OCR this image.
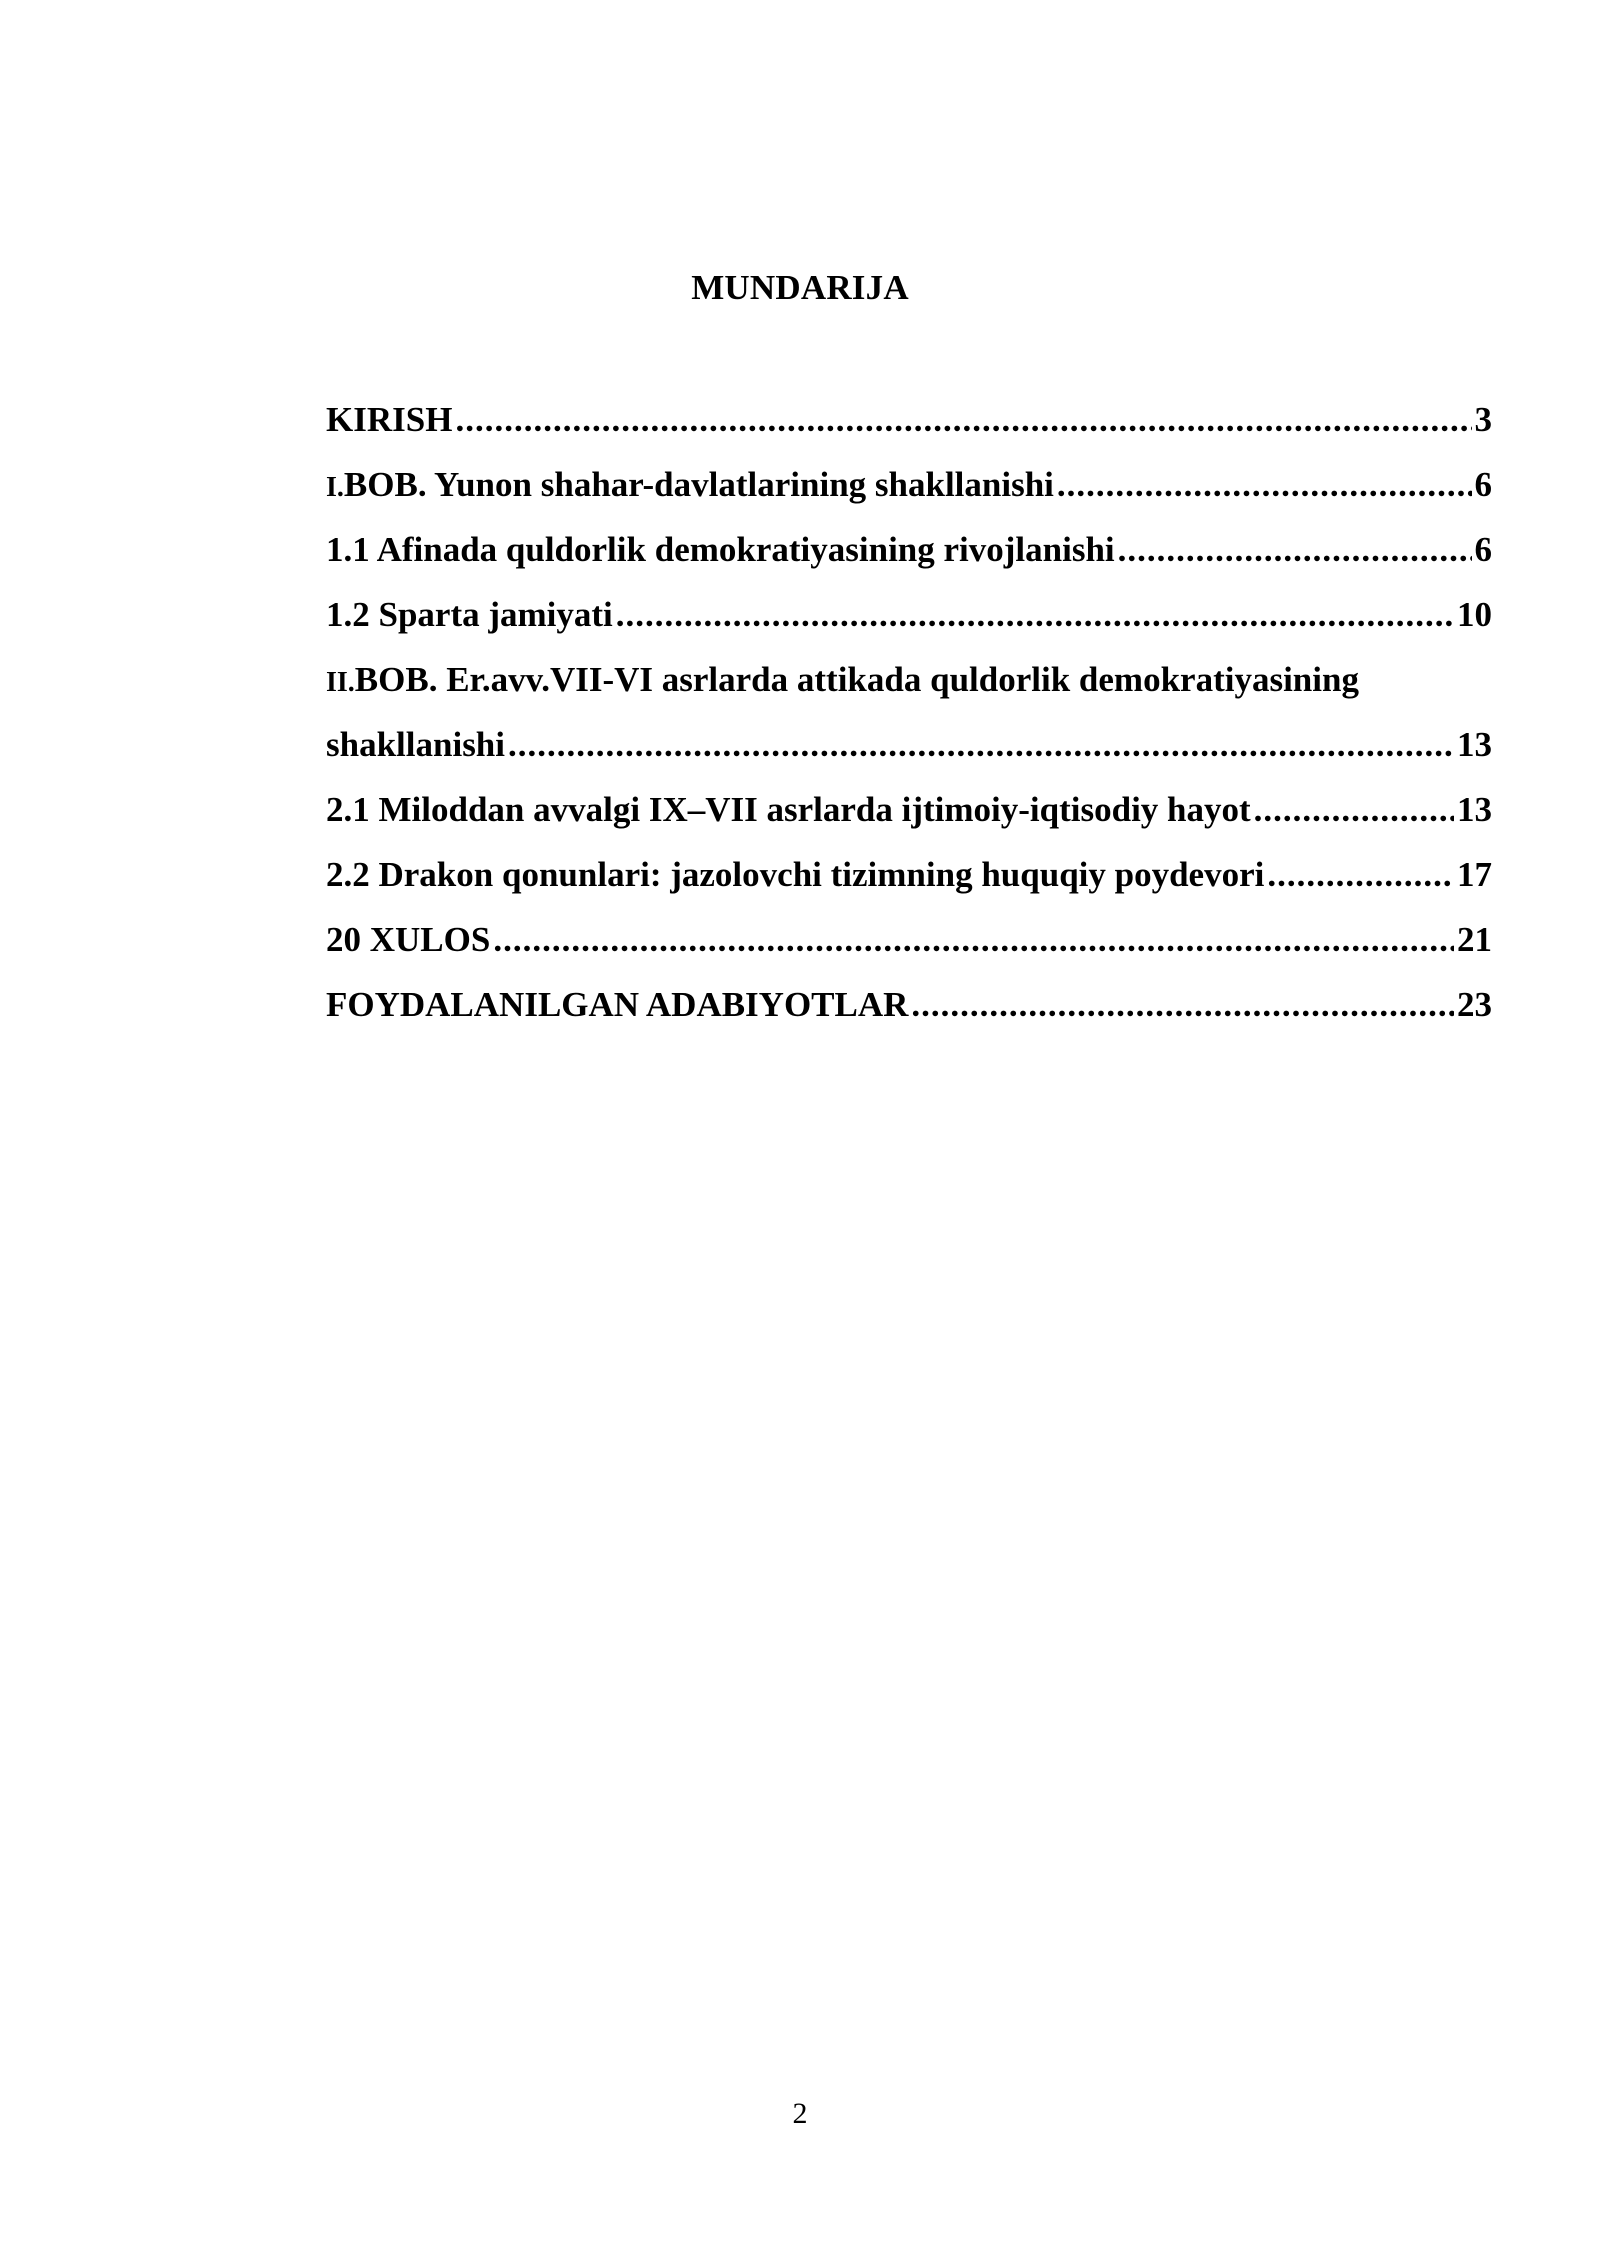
MUNDARIJA
KIRISH .....	3
I. BOB. Yunon shahar-davlatlarining shakllanishi .....	6
1.1 Afinada quldorlik demokratiyasining rivojlanishi .....	6
1.2 Sparta jamiyati .....	10
II. BOB. Er.avv.VII-VI asrlarda attikada quldorlik demokratiyasining
shakllanishi .....	13
2.1 Miloddan avvalgi IX–VII asrlarda ijtimoiy-iqtisodiy hayot .....	13
2.2 Drakon qonunlari: jazolovchi tizimning huquqiy poydevori .....	17
20 XULOS .....	21
FOYDALANILGAN ADABIYOTLAR .....	23
2
